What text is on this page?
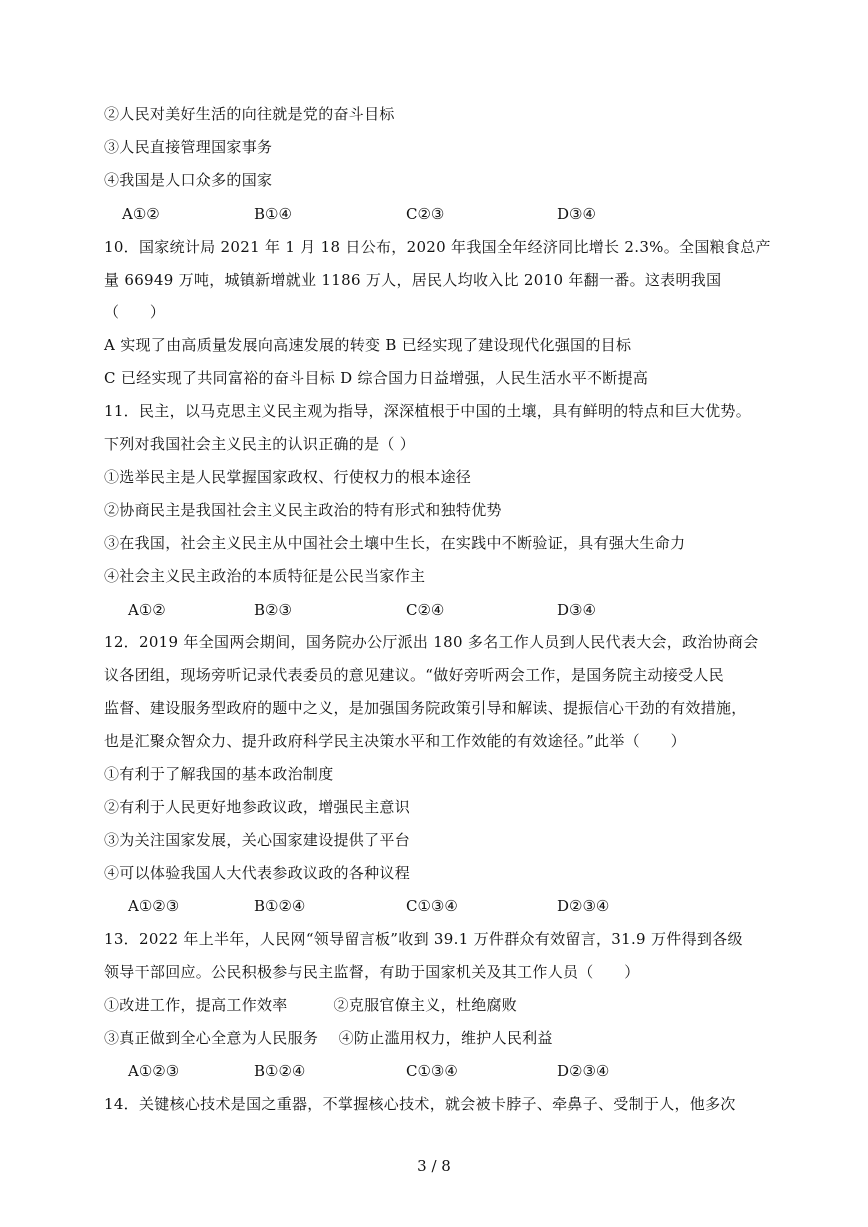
②人民对美好生活的向往就是党的奋斗目标
③人民直接管理国家事务
④我国是人口众多的国家
A①②	B①④	C②③	D③④
10．国家统计局 2021 年 1 月 18 日公布，2020 年我国全年经济同比增长 2.3%。全国粮食总产
量 66949 万吨，城镇新增就业 1186 万人，居民人均收入比 2010 年翻一番。这表明我国
（　　）
A 实现了由高质量发展向高速发展的转变 B 已经实现了建设现代化强国的目标
C 已经实现了共同富裕的奋斗目标 D 综合国力日益增强，人民生活水平不断提高
11．民主，以马克思主义民主观为指导，深深植根于中国的土壤，具有鲜明的特点和巨大优势。
下列对我国社会主义民主的认识正确的是（ ）
①选举民主是人民掌握国家政权、行使权力的根本途径
②协商民主是我国社会主义民主政治的特有形式和独特优势
③在我国，社会主义民主从中国社会土壤中生长，在实践中不断验证，具有强大生命力
④社会主义民主政治的本质特征是公民当家作主
A①②	B②③	C②④	D③④
12．2019 年全国两会期间，国务院办公厅派出 180 多名工作人员到人民代表大会，政治协商会
议各团组，现场旁听记录代表委员的意见建议。“做好旁听两会工作，是国务院主动接受人民
监督、建设服务型政府的题中之义，是加强国务院政策引导和解读、提振信心干劲的有效措施，
也是汇聚众智众力、提升政府科学民主决策水平和工作效能的有效途径。”此举（　　）
①有利于了解我国的基本政治制度
②有利于人民更好地参政议政，增强民主意识
③为关注国家发展，关心国家建设提供了平台
④可以体验我国人大代表参政议政的各种议程
A①②③	B①②④	C①③④	D②③④
13．2022 年上半年，人民网“领导留言板”收到 39.1 万件群众有效留言，31.9 万件得到各级
领导干部回应。公民积极参与民主监督，有助于国家机关及其工作人员（　　）
①改进工作，提高工作效率　　　②克服官僚主义，杜绝腐败
③真正做到全心全意为人民服务　 ④防止滥用权力，维护人民利益
A①②③	B①②④	C①③④	D②③④
14．关键核心技术是国之重器，不掌握核心技术，就会被卡脖子、牵鼻子、受制于人，他多次
3 / 8
